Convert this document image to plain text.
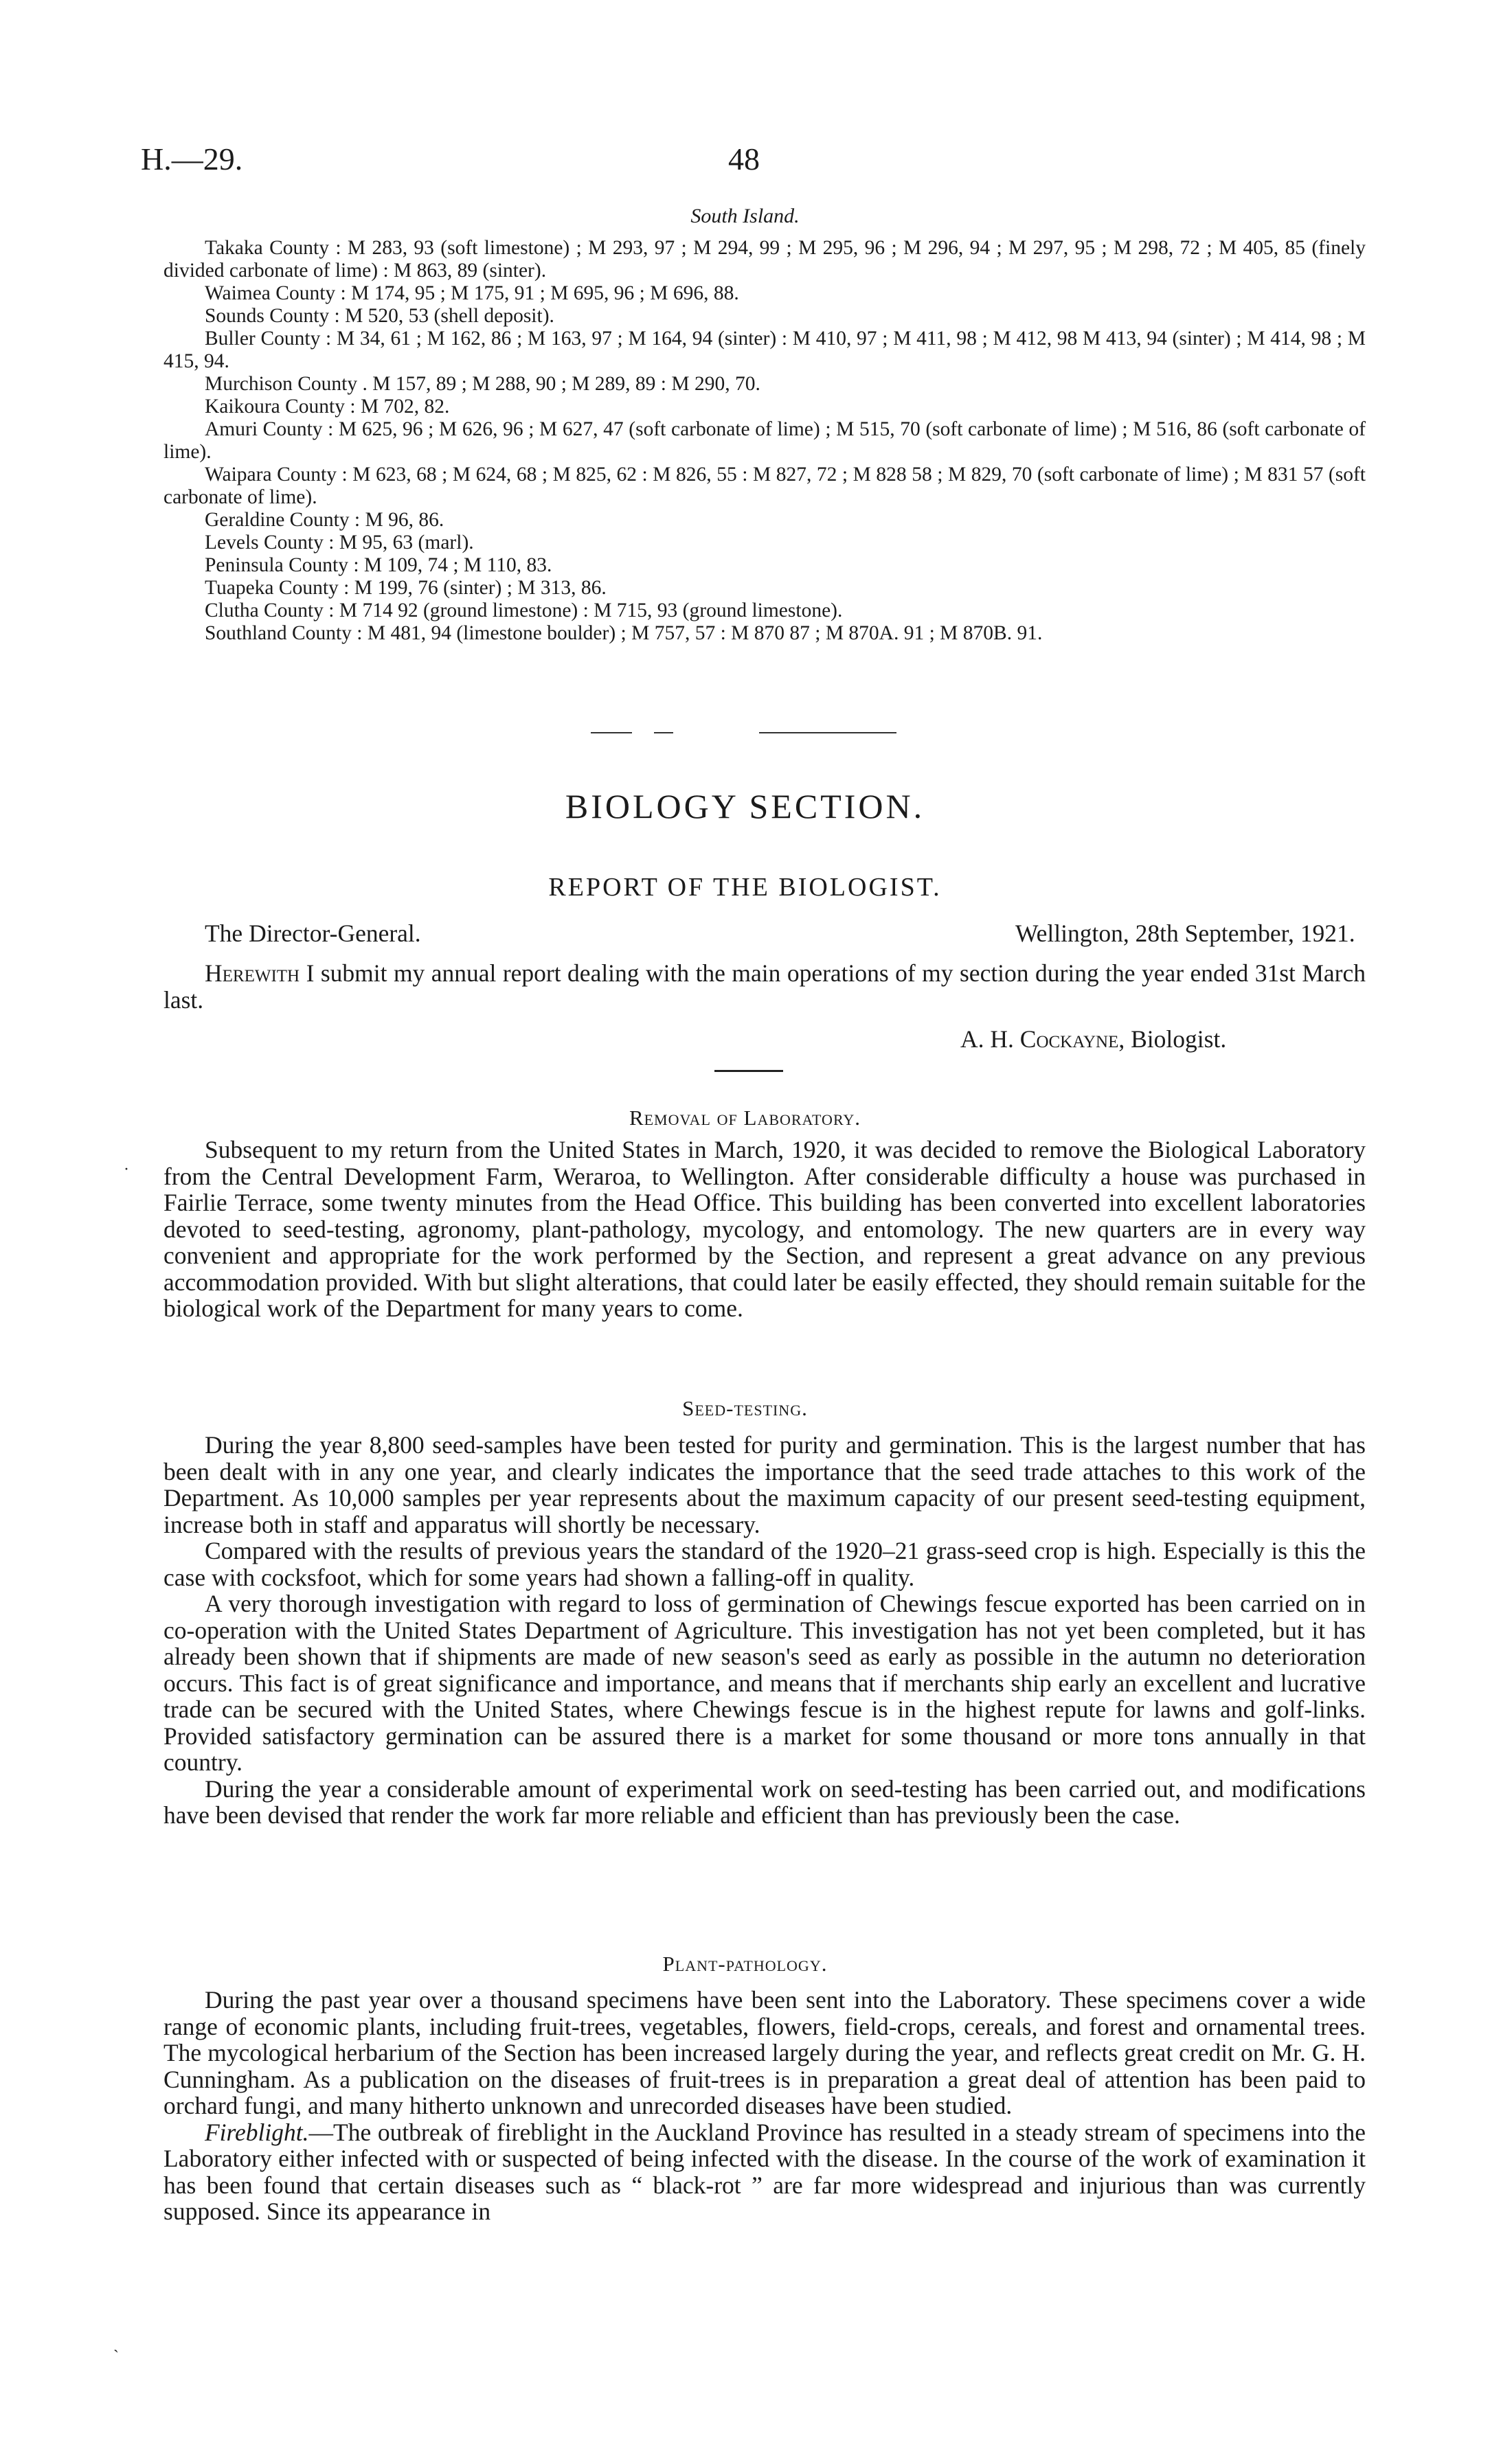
H.—29.	48
South Island.

Takaka County : M 283, 93 (soft limestone) ; M 293, 97 ; M 294, 99 ; M 295, 96 ; M 296, 94 ; M 297, 95 ; M 298, 72 ; M 405, 85 (finely divided carbonate of lime) : M 863, 89 (sinter).

Waimea County : M 174, 95 ; M 175, 91 ; M 695, 96 ; M 696, 88.

Sounds County : M 520, 53 (shell deposit).

Buller County : M 34, 61 ; M 162, 86 ; M 163, 97 ; M 164, 94 (sinter) : M 410, 97 ; M 411, 98 ; M 412, 98 M 413, 94 (sinter) ; M 414, 98 ; M 415, 94.

Murchison County . M 157, 89 ; M 288, 90 ; M 289, 89 : M 290, 70.

Kaikoura County : M 702, 82.

Amuri County : M 625, 96 ; M 626, 96 ; M 627, 47 (soft carbonate of lime) ; M 515, 70 (soft carbonate of lime) ; M 516, 86 (soft carbonate of lime).

Waipara County : M 623, 68 ; M 624, 68 ; M 825, 62 : M 826, 55 : M 827, 72 ; M 828 58 ; M 829, 70 (soft carbonate of lime) ; M 831 57 (soft carbonate of lime).

Geraldine County : M 96, 86.

Levels County : M 95, 63 (marl).

Peninsula County : M 109, 74 ; M 110, 83.

Tuapeka County : M 199, 76 (sinter) ; M 313, 86.

Clutha County : M 714 92 (ground limestone) : M 715, 93 (ground limestone).

Southland County : M 481, 94 (limestone boulder) ; M 757, 57 : M 870 87 ; M 870A. 91 ; M 870B. 91.

BIOLOGY SECTION.
REPORT OF THE BIOLOGIST.
The Director-General.	Wellington, 28th September, 1921.

Herewith I submit my annual report dealing with the main operations of my section during the year ended 31st March last.

A. H. Cockayne, Biologist.
Removal of Laboratory.

Subsequent to my return from the United States in March, 1920, it was decided to remove the Biological Laboratory from the Central Development Farm, Weraroa, to Wellington. After considerable difficulty a house was purchased in Fairlie Terrace, some twenty minutes from the Head Office. This building has been converted into excellent laboratories devoted to seed-testing, agronomy, plant-pathology, mycology, and entomology. The new quarters are in every way convenient and appropriate for the work performed by the Section, and represent a great advance on any previous accommodation provided. With but slight alterations, that could later be easily effected, they should remain suitable for the biological work of the Department for many years to come.

Seed-testing.

During the year 8,800 seed-samples have been tested for purity and germination. This is the largest number that has been dealt with in any one year, and clearly indicates the importance that the seed trade attaches to this work of the Department. As 10,000 samples per year represents about the maximum capacity of our present seed-testing equipment, increase both in staff and apparatus will shortly be necessary.

Compared with the results of previous years the standard of the 1920–21 grass-seed crop is high. Especially is this the case with cocksfoot, which for some years had shown a falling-off in quality.

A very thorough investigation with regard to loss of germination of Chewings fescue exported has been carried on in co-operation with the United States Department of Agriculture. This investigation has not yet been completed, but it has already been shown that if shipments are made of new season's seed as early as possible in the autumn no deterioration occurs. This fact is of great significance and importance, and means that if merchants ship early an excellent and lucrative trade can be secured with the United States, where Chewings fescue is in the highest repute for lawns and golf-links. Provided satisfactory germination can be assured there is a market for some thousand or more tons annually in that country.

During the year a considerable amount of experimental work on seed-testing has been carried out, and modifications have been devised that render the work far more reliable and efficient than has previously been the case.

Plant-pathology.

During the past year over a thousand specimens have been sent into the Laboratory. These specimens cover a wide range of economic plants, including fruit-trees, vegetables, flowers, field-crops, cereals, and forest and ornamental trees. The mycological herbarium of the Section has been increased largely during the year, and reflects great credit on Mr. G. H. Cunningham. As a publication on the diseases of fruit-trees is in preparation a great deal of attention has been paid to orchard fungi, and many hitherto unknown and unrecorded diseases have been studied.

Fireblight.—The outbreak of fireblight in the Auckland Province has resulted in a steady stream of specimens into the Laboratory either infected with or suspected of being infected with the disease. In the course of the work of examination it has been found that certain diseases such as “ black-rot ” are far more widespread and injurious than was currently supposed. Since its appearance in

·
ˏ
